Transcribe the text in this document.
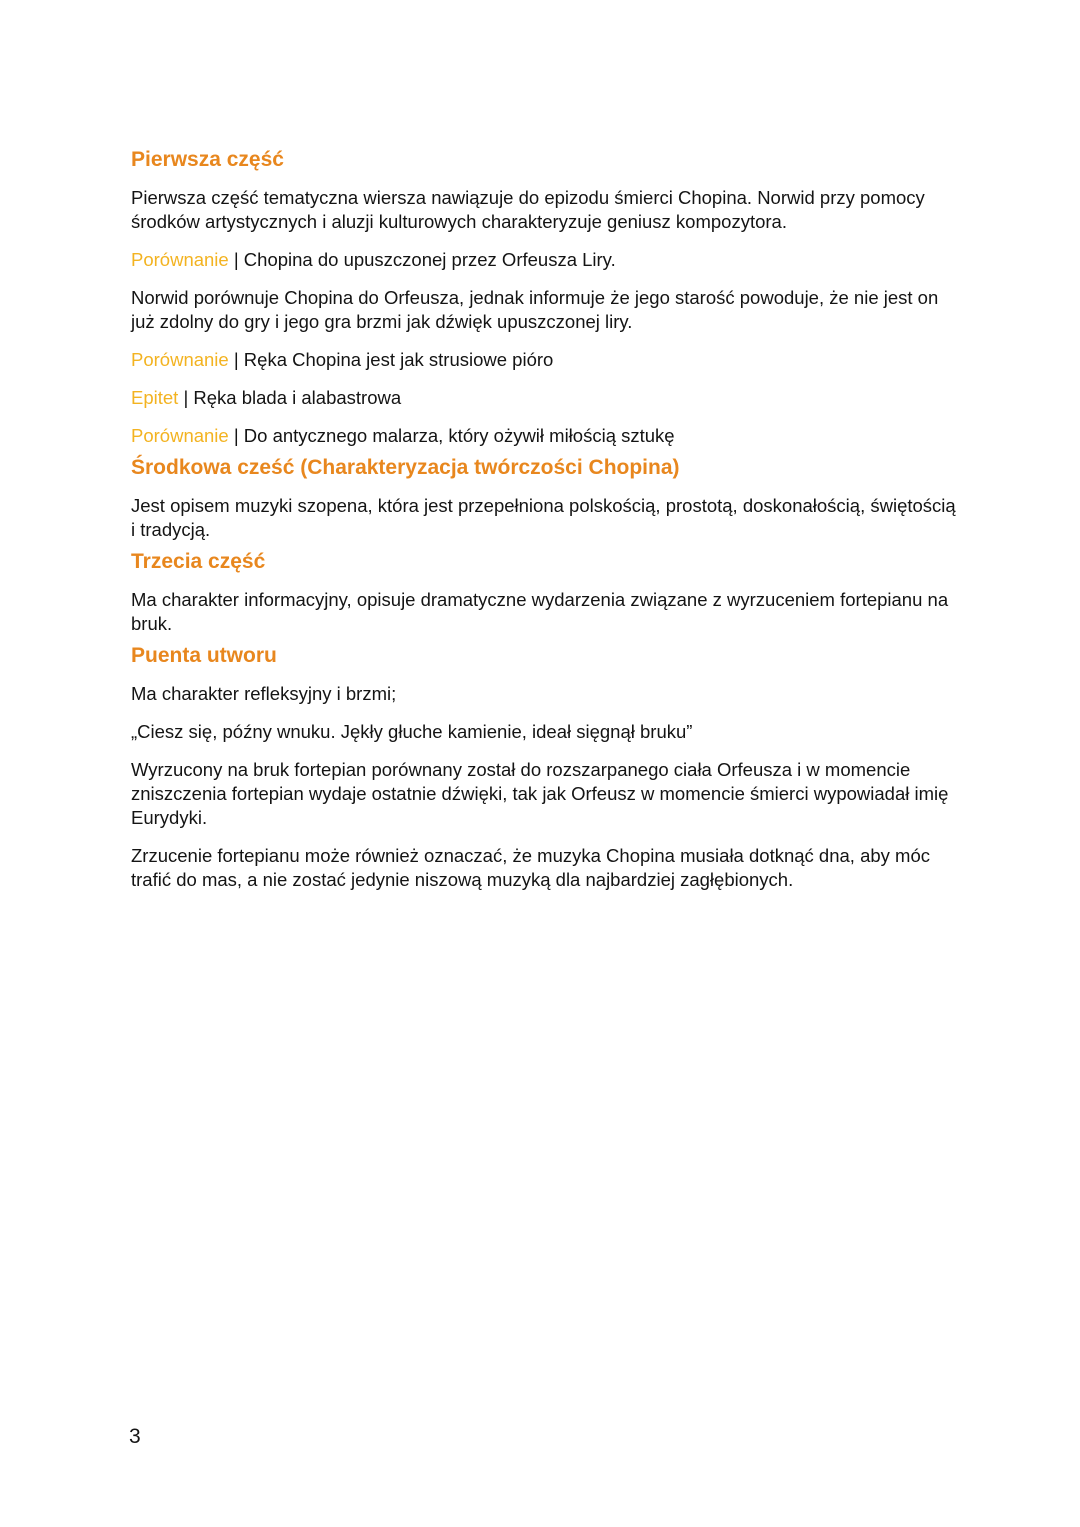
Pierwsza część

Pierwsza część tematyczna wiersza nawiązuje do epizodu śmierci Chopina. Norwid przy pomocy środków artystycznych i aluzji kulturowych charakteryzuje geniusz kompozytora.

Porównanie | Chopina do upuszczonej przez Orfeusza Liry.

Norwid porównuje Chopina do Orfeusza, jednak informuje że jego starość powoduje, że nie jest on już zdolny do gry i jego gra brzmi jak dźwięk upuszczonej liry.

Porównanie | Ręka Chopina jest jak strusiowe pióro

Epitet | Ręka blada i alabastrowa

Porównanie | Do antycznego malarza, który ożywił miłością sztukę

Środkowa cześć (Charakteryzacja twórczości Chopina)

Jest opisem muzyki szopena, która jest przepełniona polskością, prostotą, doskonałością, świętością i tradycją.

Trzecia część

Ma charakter informacyjny, opisuje dramatyczne wydarzenia związane z wyrzuceniem fortepianu na bruk.

Puenta utworu

Ma charakter refleksyjny i brzmi;

„Ciesz się, późny wnuku. Jękły głuche kamienie, ideał sięgnął bruku”

Wyrzucony na bruk fortepian porównany został do rozszarpanego ciała Orfeusza i w momencie zniszczenia fortepian wydaje ostatnie dźwięki, tak jak Orfeusz w momencie śmierci wypowiadał imię Eurydyki.

Zrzucenie fortepianu może również oznaczać, że muzyka Chopina musiała dotknąć dna, aby móc trafić do mas, a nie zostać jedynie niszową muzyką dla najbardziej zagłębionych.

3
